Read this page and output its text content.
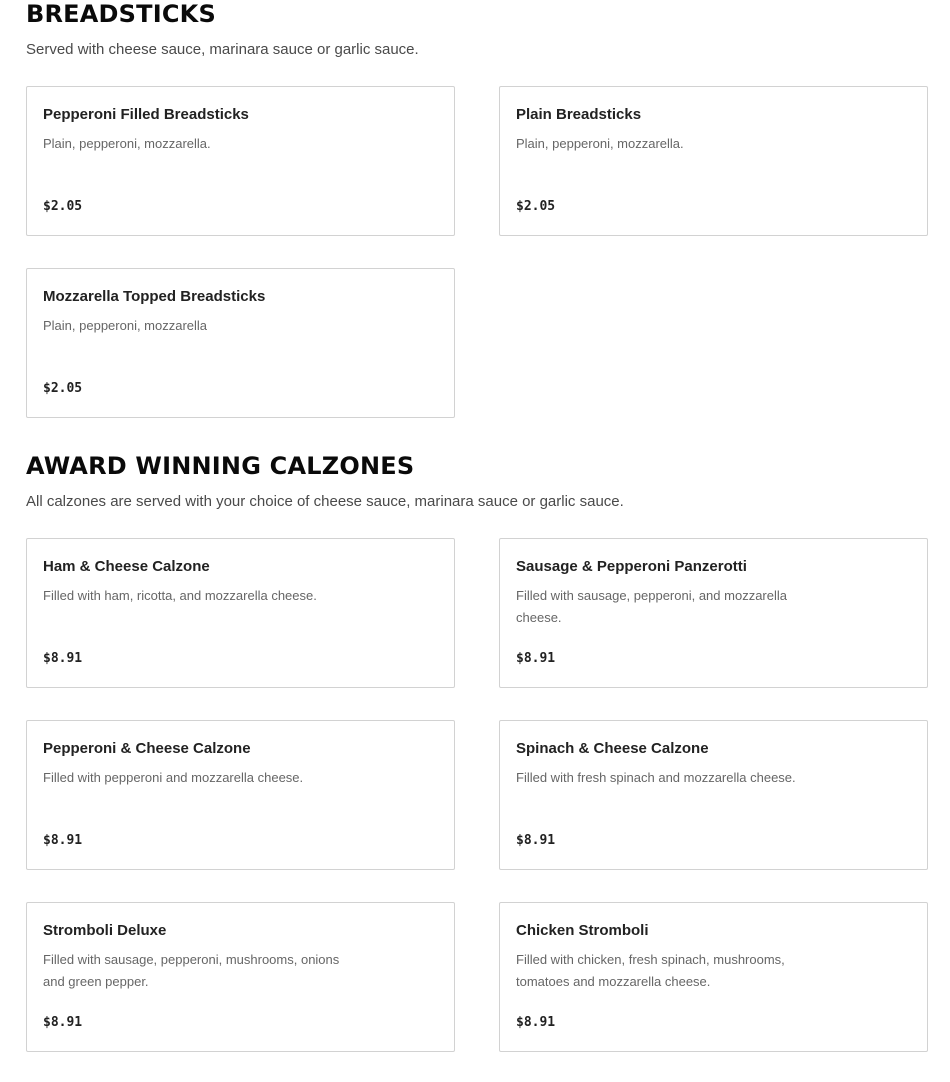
BREADSTICKS

Served with cheese sauce, marinara sauce or garlic sauce.

Pepperoni Filled Breadsticks
Plain, pepperoni, mozzarella.
$2.05
Plain Breadsticks
Plain, pepperoni, mozzarella.
$2.05
Mozzarella Topped Breadsticks
Plain, pepperoni, mozzarella
$2.05
AWARD WINNING CALZONES

All calzones are served with your choice of cheese sauce, marinara sauce or garlic sauce.

Ham & Cheese Calzone
Filled with ham, ricotta, and mozzarella cheese.
$8.91
Sausage & Pepperoni Panzerotti
Filled with sausage, pepperoni, and mozzarella cheese.
$8.91
Pepperoni & Cheese Calzone
Filled with pepperoni and mozzarella cheese.
$8.91
Spinach & Cheese Calzone
Filled with fresh spinach and mozzarella cheese.
$8.91
Stromboli Deluxe
Filled with sausage, pepperoni, mushrooms, onions and green pepper.
$8.91
Chicken Stromboli
Filled with chicken, fresh spinach, mushrooms, tomatoes and mozzarella cheese.
$8.91
